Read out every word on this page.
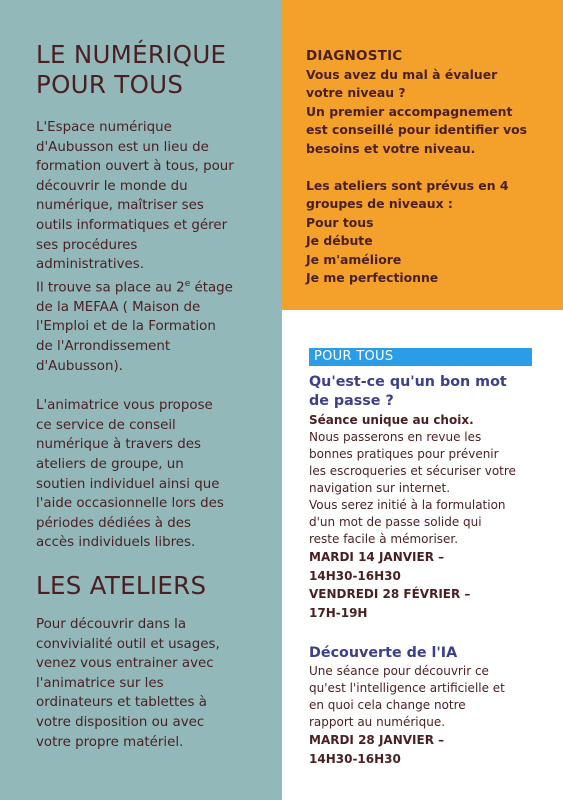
LE NUMÉRIQUE
POUR TOUS
L'Espace numérique
d'Aubusson est un lieu de
formation ouvert à tous, pour
découvrir le monde du
numérique, maîtriser ses
outils informatiques et gérer
ses procédures
administratives.
Il trouve sa place au 2e étage
de la MEFAA ( Maison de
l'Emploi et de la Formation
de l'Arrondissement
d'Aubusson).
L'animatrice vous propose
ce service de conseil
numérique à travers des
ateliers de groupe, un
soutien individuel ainsi que
l'aide occasionnelle lors des
périodes dédiées à des
accès individuels libres.
LES ATELIERS
Pour découvrir dans la
convivialité outil et usages,
venez vous entrainer avec
l'animatrice sur les
ordinateurs et tablettes à
votre disposition ou avec
votre propre matériel.
DIAGNOSTIC
Vous avez du mal à évaluer
votre niveau ?
Un premier accompagnement
est conseillé pour identifier vos
besoins et votre niveau.
Les ateliers sont prévus en 4
groupes de niveaux :
Pour tous
Je débute
Je m'améliore
Je me perfectionne
POUR TOUS
Qu'est-ce qu'un bon mot
de passe ?
Séance unique au choix.
Nous passerons en revue les
bonnes pratiques pour prévenir
les escroqueries et sécuriser votre
navigation sur internet.
Vous serez initié à la formulation
d'un mot de passe solide qui
reste facile à mémoriser.
MARDI 14 JANVIER –
14H30-16H30
VENDREDI 28 FÉVRIER –
17H-19H
Découverte de l'IA
Une séance pour découvrir ce
qu'est l'intelligence artificielle et
en quoi cela change notre
rapport au numérique.
MARDI 28 JANVIER –
14H30-16H30
